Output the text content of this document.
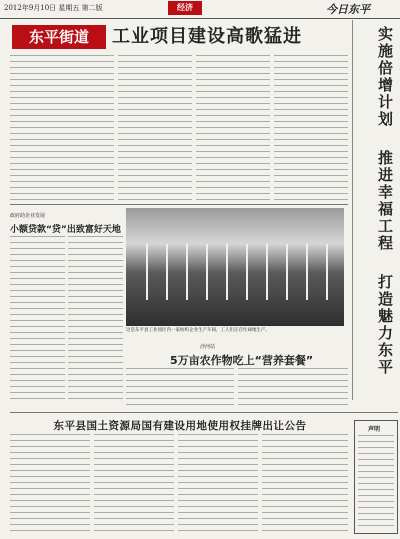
2012年9月10日 星期五 第二版	经济	今日东平
东平街道	工业项目建设高歌猛进	实施倍增计划
推进幸福工程
打造魅力东平
政府助企业发展
小额贷款“贷”出致富好天地
这是东平县工业园区内一家纺织企业生产车间，工人们正在忙碌地生产。
沙河站
5万亩农作物吃上“营养套餐”
东平县国土资源局国有建设用地使用权挂牌出让公告	声明
